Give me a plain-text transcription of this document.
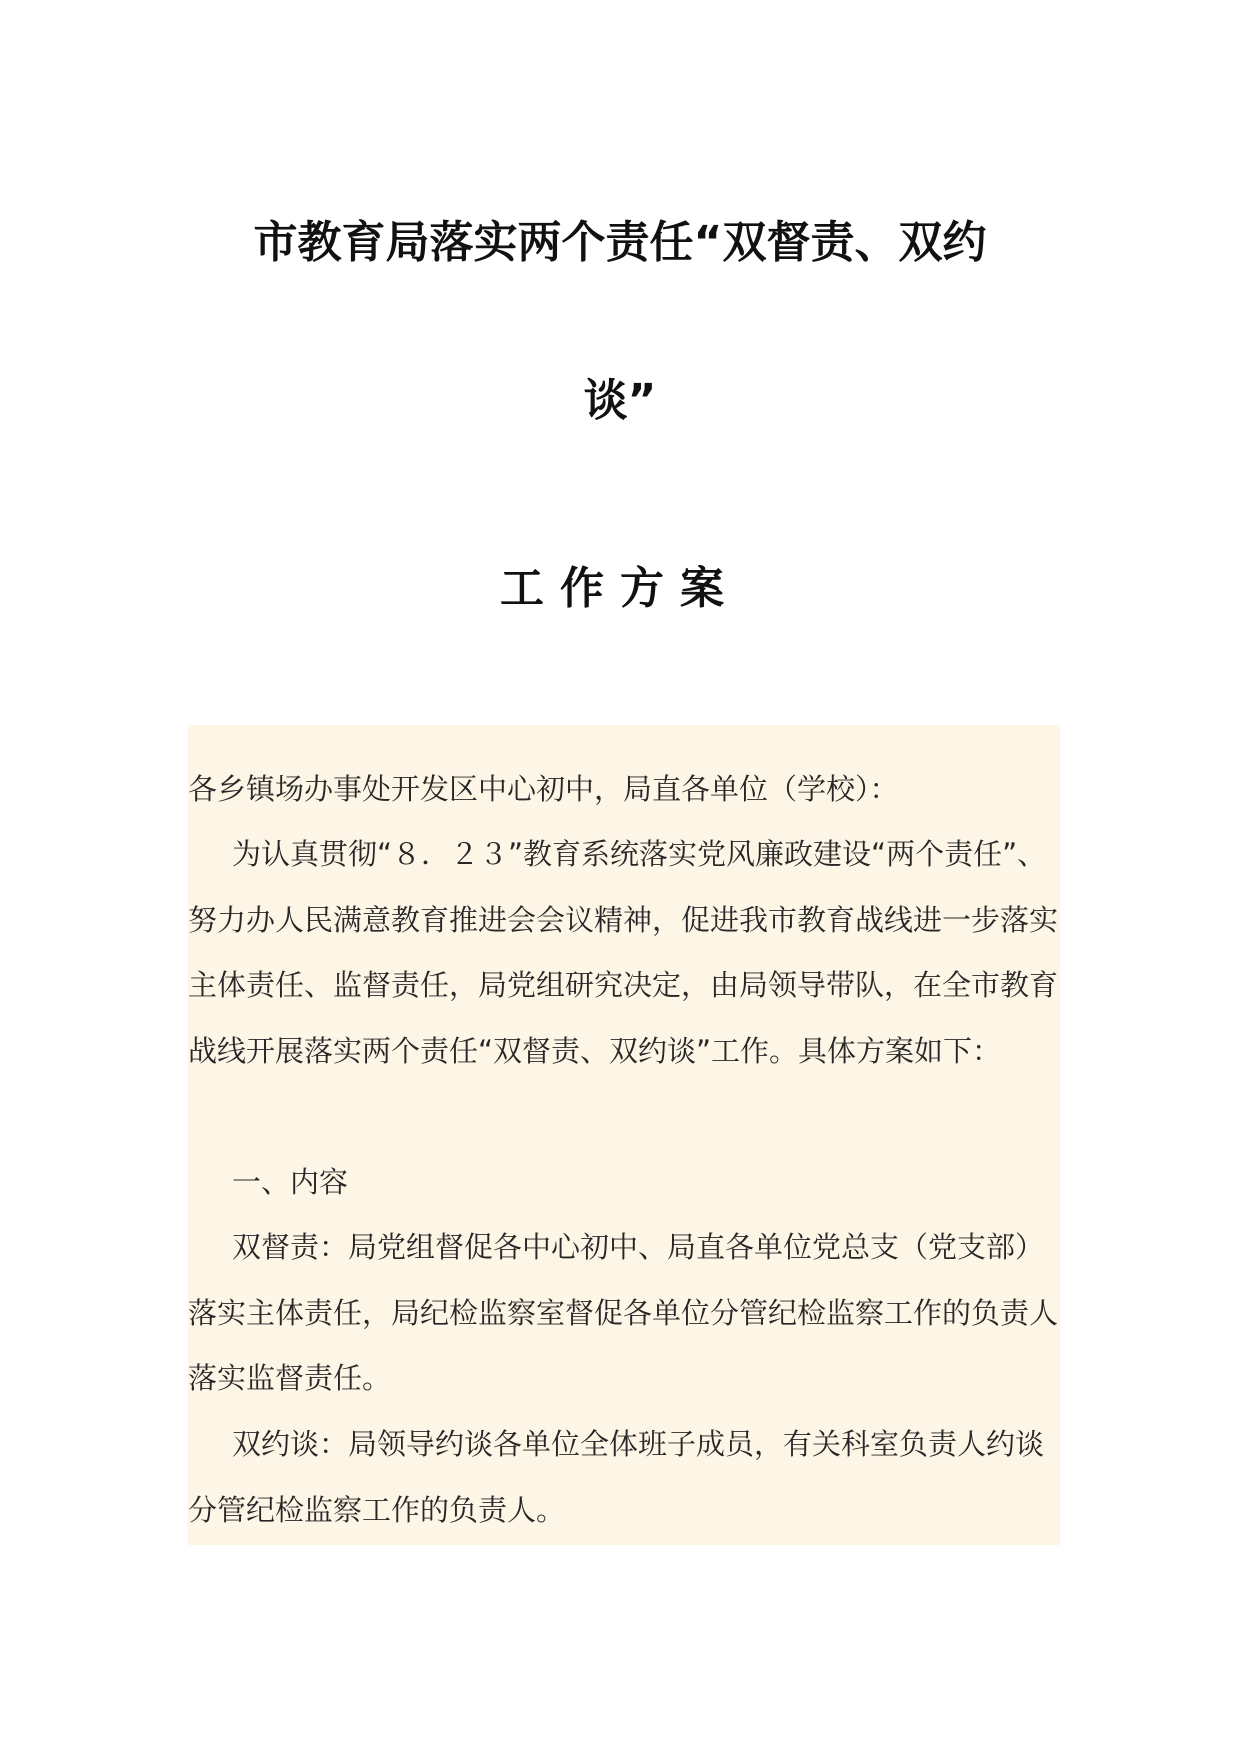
市教育局落实两个责任“双督责、双约
谈”
工作方案

各乡镇场办事处开发区中心初中，局直各单位（学校）：

为认真贯彻“８．２３”教育系统落实党风廉政建设“两个责任”、努力办人民满意教育推进会会议精神，促进我市教育战线进一步落实主体责任、监督责任，局党组研究决定，由局领导带队，在全市教育战线开展落实两个责任“双督责、双约谈”工作。具体方案如下：

一、内容

双督责：局党组督促各中心初中、局直各单位党总支（党支部）落实主体责任，局纪检监察室督促各单位分管纪检监察工作的负责人落实监督责任。

双约谈：局领导约谈各单位全体班子成员，有关科室负责人约谈分管纪检监察工作的负责人。
